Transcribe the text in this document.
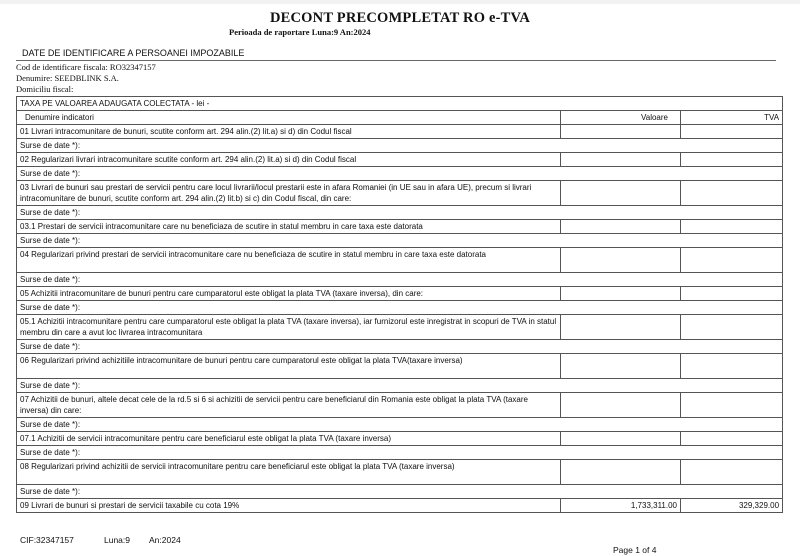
DECONT PRECOMPLETAT RO e-TVA
Perioada de raportare Luna:9 An:2024
DATE DE IDENTIFICARE A PERSOANEI IMPOZABILE
Cod de identificare fiscala: RO32347157
Denumire: SEEDBLINK S.A.
Domiciliu fiscal:
TAXA PE VALOAREA ADAUGATA COLECTATA - lei -		
Denumire indicatori	Valoare	TVA
01 Livrari intracomunitare de bunuri, scutite conform art. 294 alin.(2) lit.a) si d) din Codul fiscal		
Surse de date *):		
02 Regularizari livrari intracomunitare scutite conform art. 294 alin.(2) lit.a) si d) din Codul fiscal		
Surse de date *):		
03 Livrari de bunuri sau prestari de servicii pentru care locul livrarii/locul prestarii este in afara Romaniei (in UE sau in afara UE), precum si livrari intracomunitare de bunuri, scutite conform art. 294 alin.(2) lit.b) si c) din Codul fiscal, din care:		
Surse de date *):		
03.1 Prestari de servicii intracomunitare care nu beneficiaza de scutire in statul membru in care taxa este datorata		
Surse de date *):		
04 Regularizari privind prestari de servicii intracomunitare care nu beneficiaza de scutire in statul membru in care taxa este datorata		
Surse de date *):		
05 Achizitii intracomunitare de bunuri pentru care cumparatorul este obligat la plata TVA (taxare inversa), din care:		
Surse de date *):		
05.1 Achizitii intracomunitare pentru care cumparatorul este obligat la plata TVA (taxare inversa), iar furnizorul este inregistrat in scopuri de TVA in statul membru din care a avut loc livrarea intracomunitara		
Surse de date *):		
06 Regularizari privind achizitiile intracomunitare de bunuri pentru care cumparatorul este obligat la plata TVA(taxare inversa)		
Surse de date *):		
07 Achizitii de bunuri, altele decat cele de la rd.5 si 6 si achizitii de servicii pentru care beneficiarul din Romania este obligat la plata TVA (taxare inversa) din care:		
Surse de date *):		
07.1 Achizitii de servicii intracomunitare pentru care beneficiarul este obligat la plata TVA (taxare inversa)		
Surse de date *):		
08 Regularizari privind achizitii de servicii intracomunitare pentru care beneficiarul este obligat la plata TVA (taxare inversa)		
Surse de date *):		
09 Livrari de bunuri si prestari de servicii taxabile cu cota 19%	1,733,311.00	329,329.00
CIF:32347157	Luna:9 An:2024
Page 1 of 4
